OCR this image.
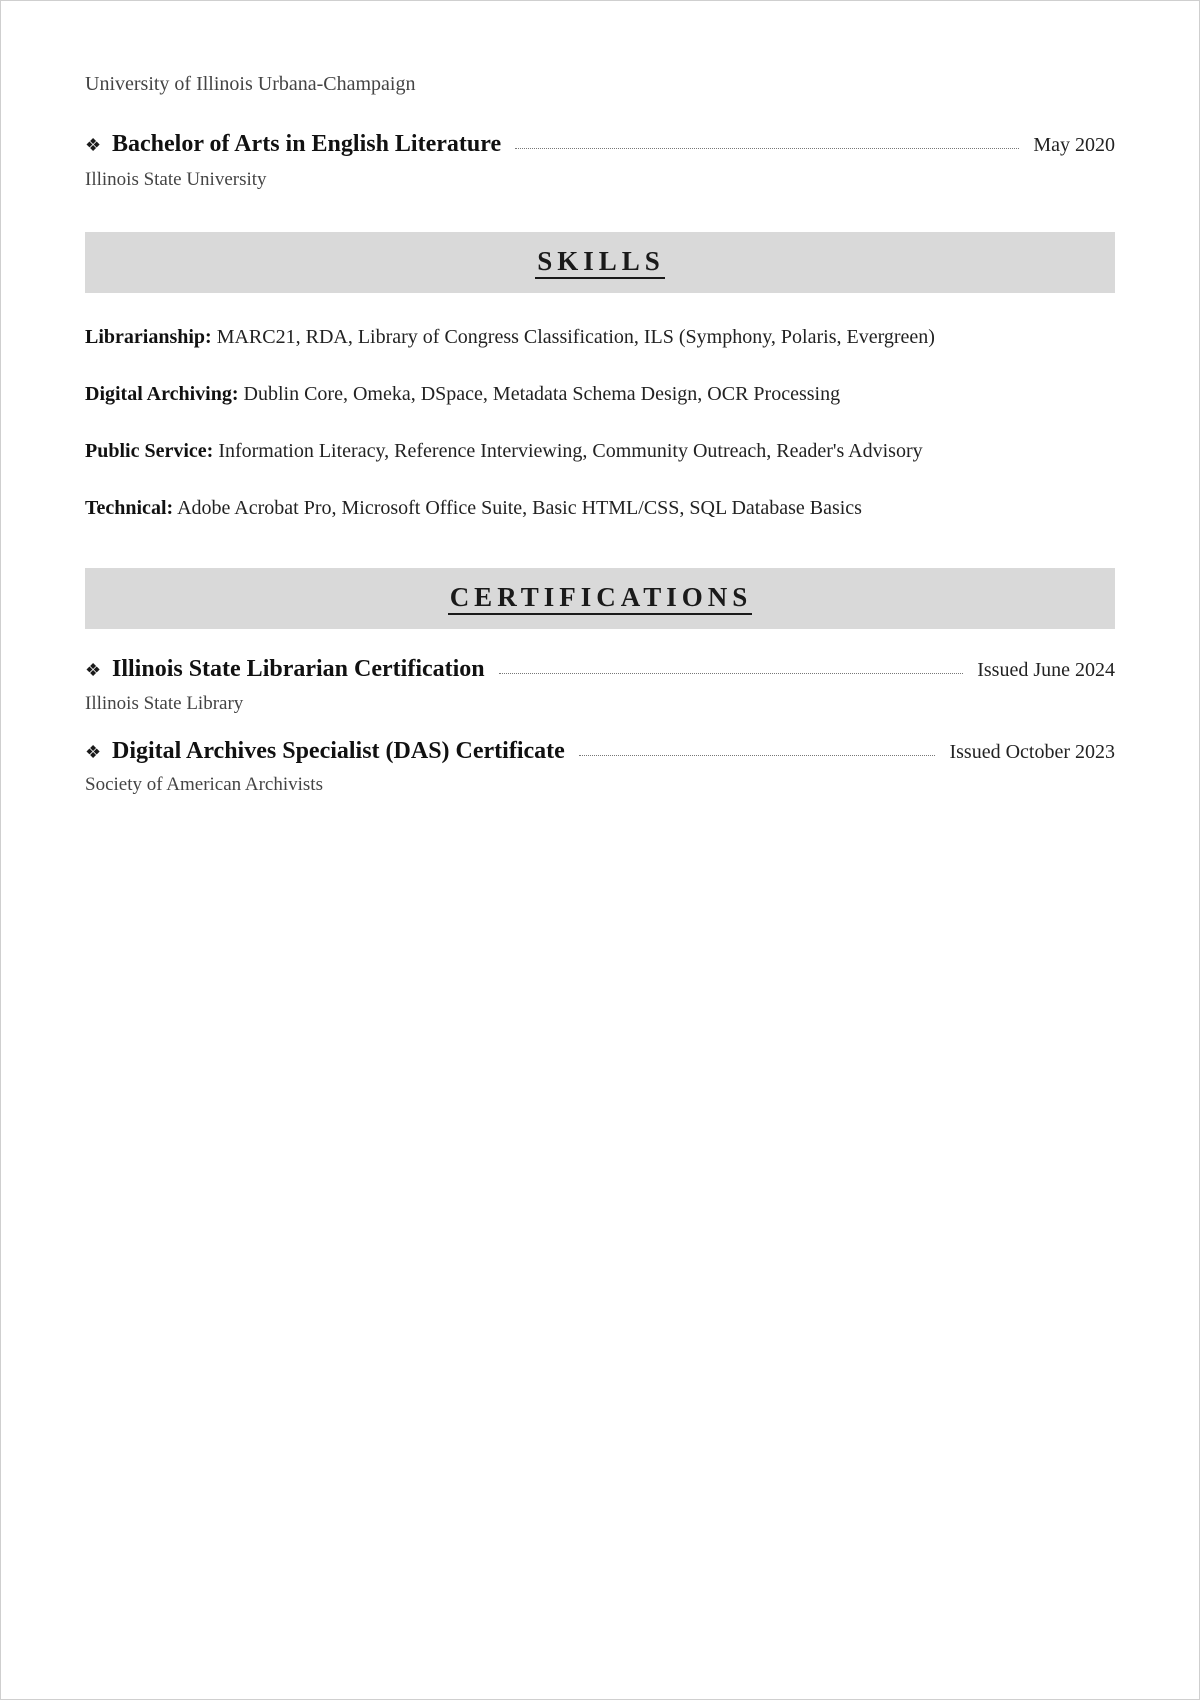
University of Illinois Urbana-Champaign
❖ Bachelor of Arts in English Literature	May 2020
Illinois State University
SKILLS
Librarianship: MARC21, RDA, Library of Congress Classification, ILS (Symphony, Polaris, Evergreen)
Digital Archiving: Dublin Core, Omeka, DSpace, Metadata Schema Design, OCR Processing
Public Service: Information Literacy, Reference Interviewing, Community Outreach, Reader's Advisory
Technical: Adobe Acrobat Pro, Microsoft Office Suite, Basic HTML/CSS, SQL Database Basics
CERTIFICATIONS
❖ Illinois State Librarian Certification	Issued June 2024
Illinois State Library
❖ Digital Archives Specialist (DAS) Certificate	Issued October 2023
Society of American Archivists
